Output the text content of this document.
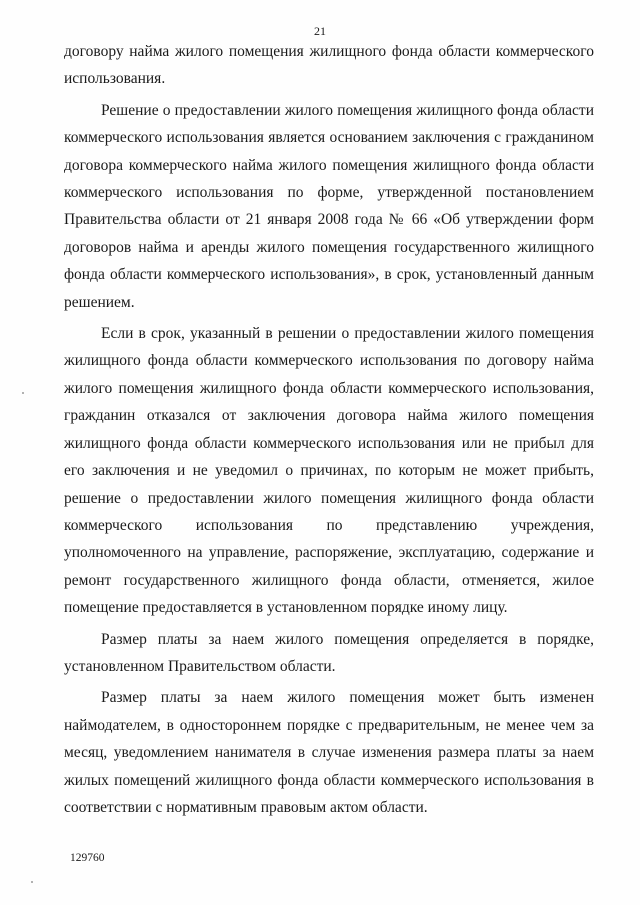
21

договору найма жилого помещения жилищного фонда области коммерческого использования.

Решение о предоставлении жилого помещения жилищного фонда области коммерческого использования является основанием заключения с гражданином договора коммерческого найма жилого помещения жилищного фонда области коммерческого использования по форме, утвержденной постановлением Правительства области от 21 января 2008 года № 66 «Об утверждении форм договоров найма и аренды жилого помещения государственного жилищного фонда области коммерческого использования», в срок, установленный данным решением.

Если в срок, указанный в решении о предоставлении жилого помещения жилищного фонда области коммерческого использования по договору найма жилого помещения жилищного фонда области коммерческого использования, гражданин отказался от заключения договора найма жилого помещения жилищного фонда области коммерческого использования или не прибыл для его заключения и не уведомил о причинах, по которым не может прибыть, решение о предоставлении жилого помещения жилищного фонда области коммерческого использования по представлению учреждения, уполномоченного на управление, распоряжение, эксплуатацию, содержание и ремонт государственного жилищного фонда области, отменяется, жилое помещение предоставляется в установленном порядке иному лицу.

Размер платы за наем жилого помещения определяется в порядке, установленном Правительством области.

Размер платы за наем жилого помещения может быть изменен наймодателем, в одностороннем порядке с предварительным, не менее чем за месяц, уведомлением нанимателя в случае изменения размера платы за наем жилых помещений жилищного фонда области коммерческого использования в соответствии с нормативным правовым актом области.

129760
